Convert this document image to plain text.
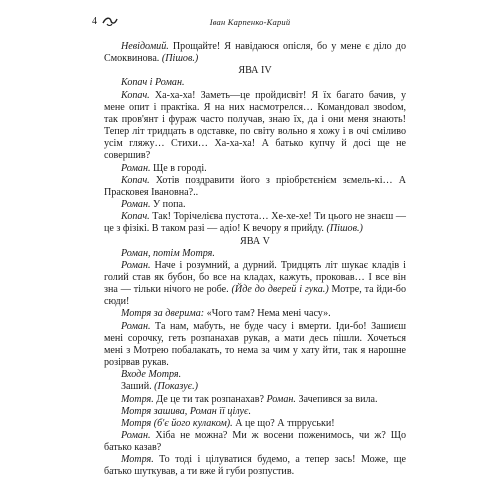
4	Іван Карпенко-Карий

Невідомий. Прощайте! Я навідаюся опісля, бо у мене є діло до Смоквинова. (Пішов.)

ЯВА IV

Копач і Роман.

Копач. Ха-ха-ха! Заметь—це пройдисвіт! Я їх багато бачив, у мене опит і практіка. Я на них насмотрелся… Командовал звodом, так пров'янт і фураж часто получав, знаю їх, да і они меня знають! Тепер літ тридцать в одставке, по світу вольно я хожу і в очі сміливо усім гляжу… Стихи… Ха-ха-ха! А батько купчу й досі ще не совершив?

Роман. Ще в городі.

Копач. Хотів поздравити його з пріобрєтєнієм зємель-кі… А Прасковея Івановна?..

Роман. У попа.

Копач. Так! Торічелієва пустота… Хе-хе-хе! Ти цього не знаєш — це з фізікі. В таком разі — адіо! К вечору я прийду. (Пішов.)

ЯВА V

Роман, потім Мотря.

Роман. Наче і розумний, а дурний. Тридцять літ шукає кладів і голий став як бубон, бо все на кладах, кажуть, проковав… І все він зна — тільки нічого не робе. (Йде до дверей і гука.) Мотре, та йди-бо сюди!

Мотря за дверима: «Чого там? Нема мені часу».

Роман. Та нам, мабуть, не буде часу і вмерти. Іди-бо! Зашиєш мені сорочку, геть розпанахав рукав, а мати десь пішли. Хочеться мені з Мотрею побалакать, то нема за чим у хату йти, так я нарошне розірвав рукав.

Входе Мотря.

Заший. (Показує.)

Мотря. Де це ти так розпанахав? Роман. Зачепився за вила.

Мотря зашива, Роман її цілує.

Мотря (б'є його кулаком). А це що? А тпрруськи!

Роман. Хіба не можна? Ми ж восени поженимось, чи ж? Що батько казав?

Мотря. То тоді і цілуватися будемо, а тепер зась! Може, ще батько шуткував, а ти вже й губи розпустив.
